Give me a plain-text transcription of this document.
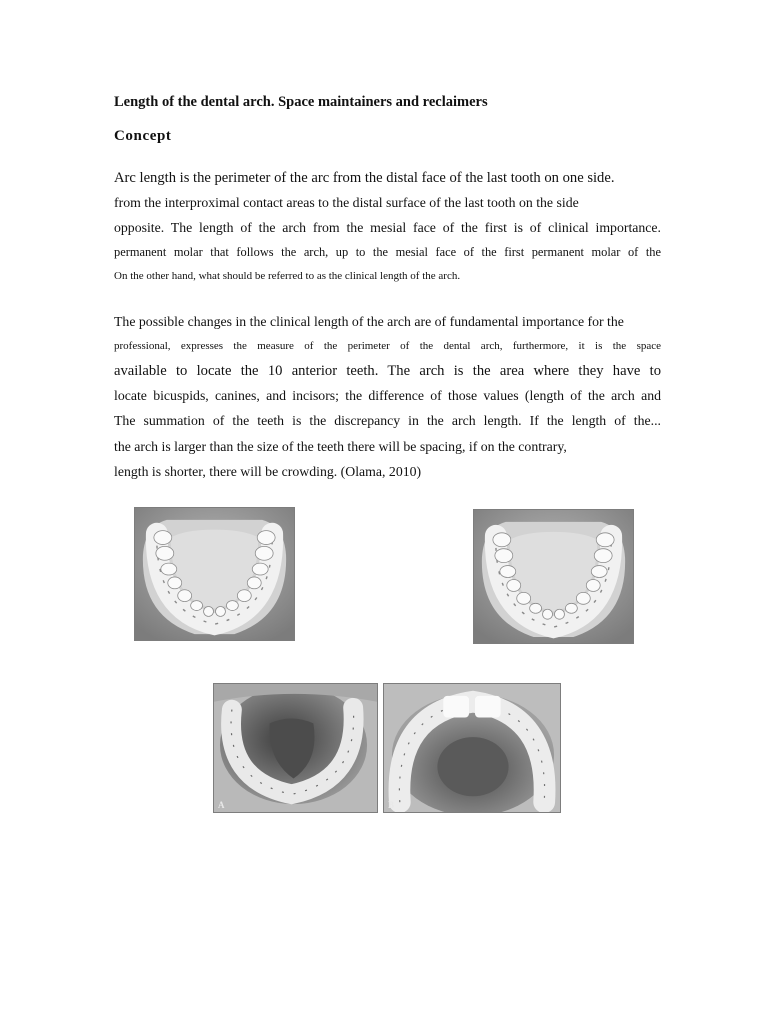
Length of the dental arch. Space maintainers and reclaimers
Concept
Arc length is the perimeter of the arc from the distal face of the last tooth on one side.
from the interproximal contact areas to the distal surface of the last tooth on the side
opposite. The length of the arch from the mesial face of the first is of clinical importance.
permanent molar that follows the arch, up to the mesial face of the first permanent molar of the
On the other hand, what should be referred to as the clinical length of the arch.
The possible changes in the clinical length of the arch are of fundamental importance for the
professional, expresses the measure of the perimeter of the dental arch, furthermore, it is the space
available to locate the 10 anterior teeth. The arch is the area where they have to
locate bicuspids, canines, and incisors; the difference of those values (length of the arch and
The summation of the teeth is the discrepancy in the arch length. If the length of the...
the arch is larger than the size of the teeth there will be spacing, if on the contrary,
length is shorter, there will be crowding. (Olama, 2010)
A	B
